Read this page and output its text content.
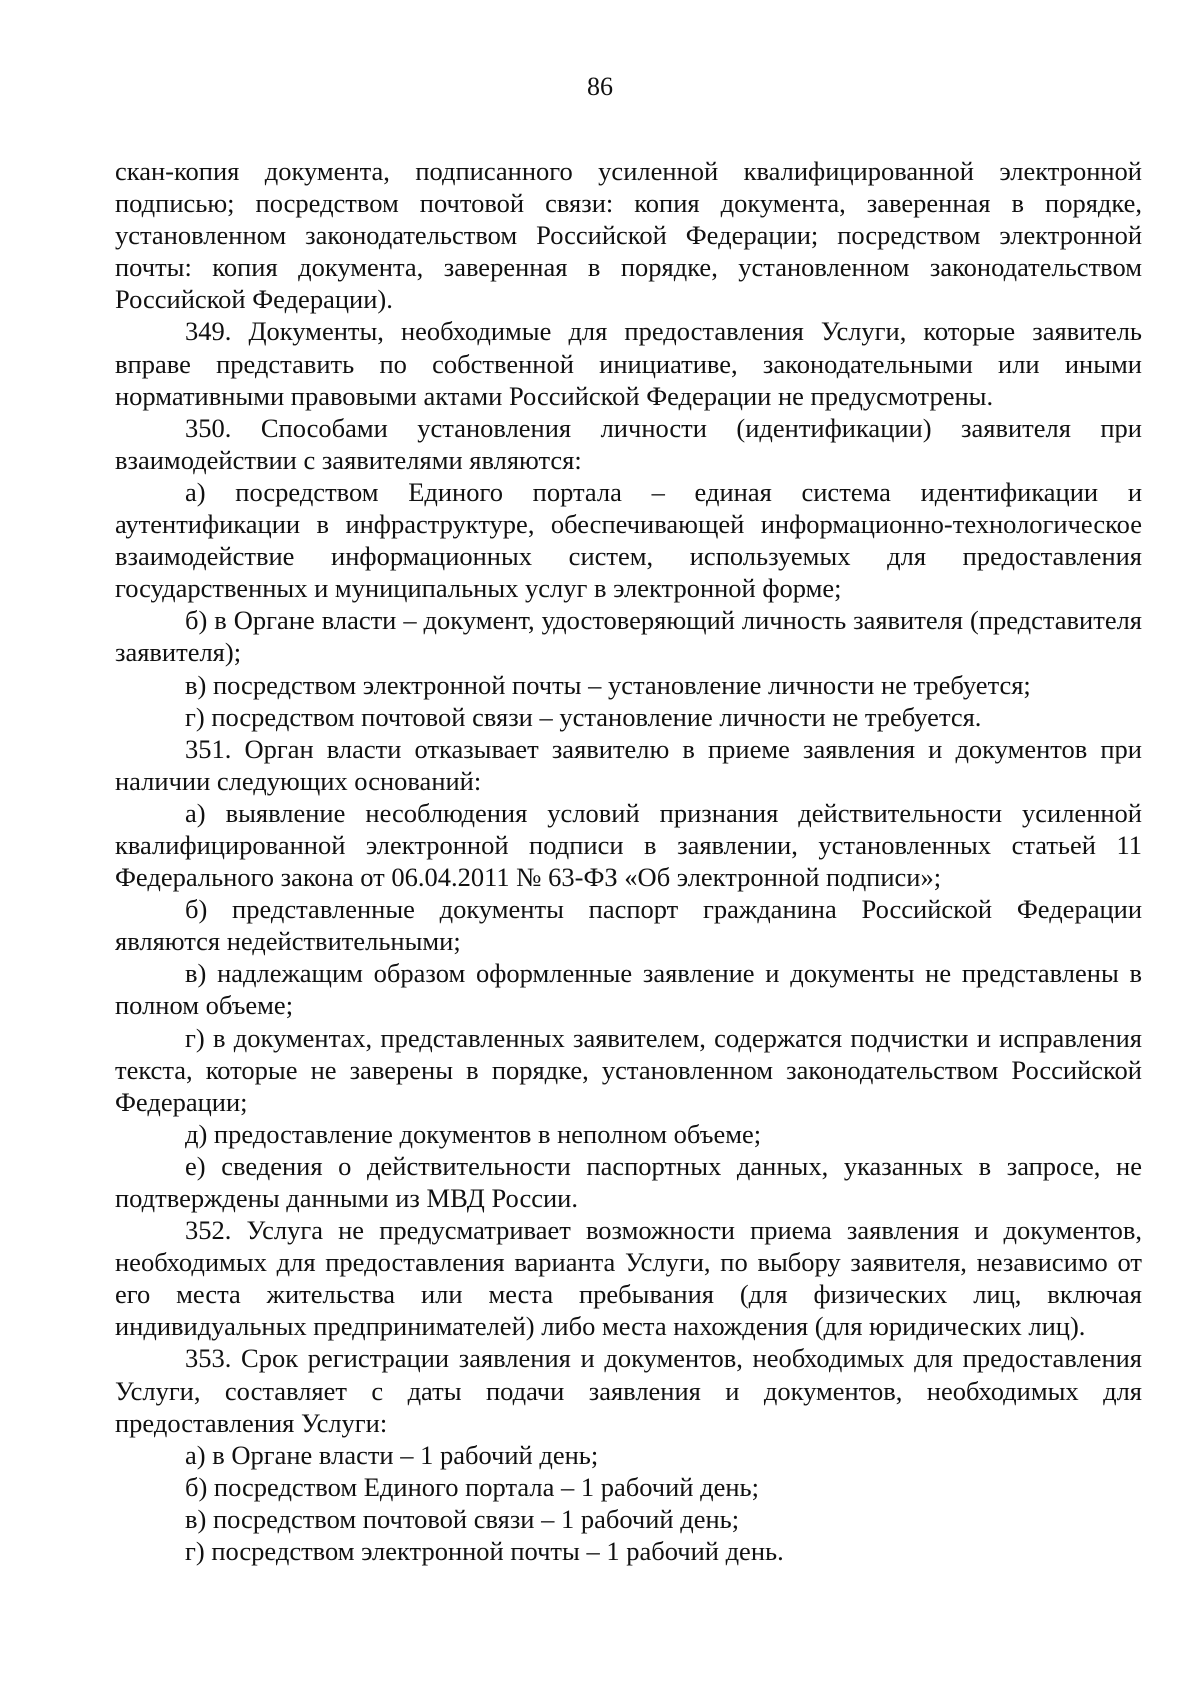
86

скан-копия документа, подписанного усиленной квалифицированной электронной подписью; посредством почтовой связи: копия документа, заверенная в порядке, установленном законодательством Российской Федерации; посредством электронной почты: копия документа, заверенная в порядке, установленном законодательством Российской Федерации).

349. Документы, необходимые для предоставления Услуги, которые заявитель вправе представить по собственной инициативе, законодательными или иными нормативными правовыми актами Российской Федерации не предусмотрены.

350. Способами установления личности (идентификации) заявителя при взаимодействии с заявителями являются:

а) посредством Единого портала – единая система идентификации и аутентификации в инфраструктуре, обеспечивающей информационно-технологическое взаимодействие информационных систем, используемых для предоставления государственных и муниципальных услуг в электронной форме;

б) в Органе власти – документ, удостоверяющий личность заявителя (представителя заявителя);

в) посредством электронной почты – установление личности не требуется;

г) посредством почтовой связи – установление личности не требуется.

351. Орган власти отказывает заявителю в приеме заявления и документов при наличии следующих оснований:

а) выявление несоблюдения условий признания действительности усиленной квалифицированной электронной подписи в заявлении, установленных статьей 11 Федерального закона от 06.04.2011 № 63-ФЗ «Об электронной подписи»;

б) представленные документы паспорт гражданина Российской Федерации являются недействительными;

в) надлежащим образом оформленные заявление и документы не представлены в полном объеме;

г) в документах, представленных заявителем, содержатся подчистки и исправления текста, которые не заверены в порядке, установленном законодательством Российской Федерации;

д) предоставление документов в неполном объеме;

е) сведения о действительности паспортных данных, указанных в запросе, не подтверждены данными из МВД России.

352. Услуга не предусматривает возможности приема заявления и документов, необходимых для предоставления варианта Услуги, по выбору заявителя, независимо от его места жительства или места пребывания (для физических лиц, включая индивидуальных предпринимателей) либо места нахождения (для юридических лиц).

353. Срок регистрации заявления и документов, необходимых для предоставления Услуги, составляет с даты подачи заявления и документов, необходимых для предоставления Услуги:

а) в Органе власти – 1 рабочий день;

б) посредством Единого портала – 1 рабочий день;

в) посредством почтовой связи – 1 рабочий день;

г) посредством электронной почты – 1 рабочий день.
